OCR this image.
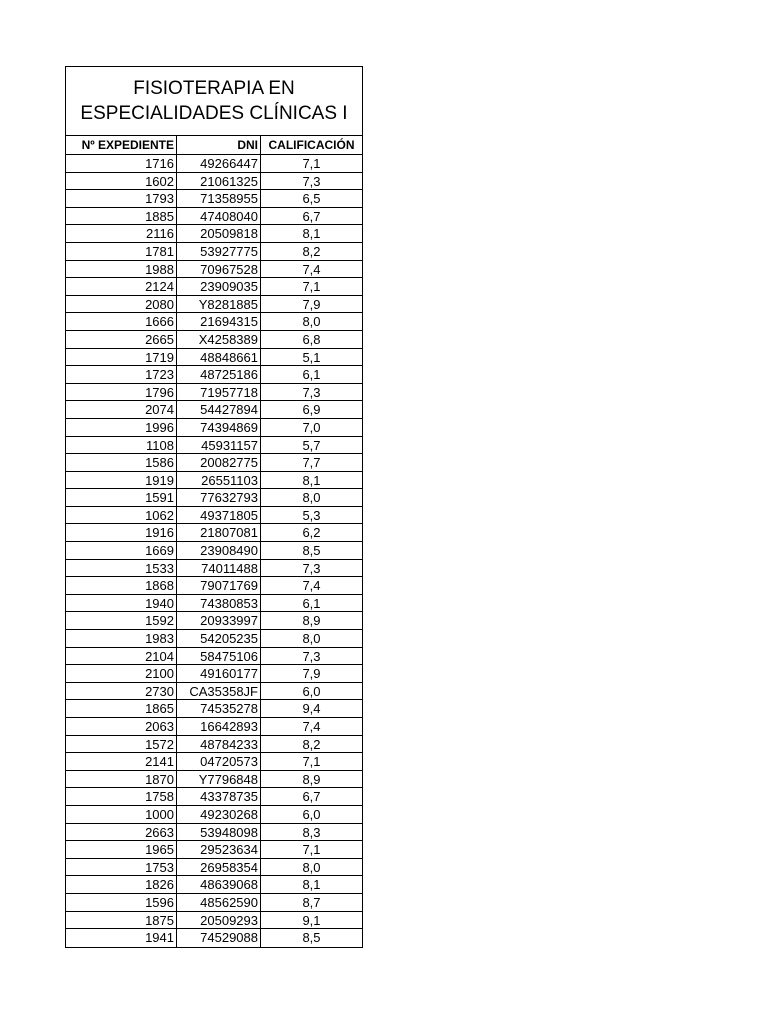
FISIOTERAPIA EN
ESPECIALIDADES CLÍNICAS I
Nº EXPEDIENTE	DNI CALIFICACIÓN
1716	49266447	7,1
1602	21061325	7,3
1793	71358955	6,5
1885	47408040	6,7
2116	20509818	8,1
1781	53927775	8,2
1988	70967528	7,4
2124	23909035	7,1
2080	Y8281885	7,9
1666	21694315	8,0
2665	X4258389	6,8
1719	48848661	5,1
1723	48725186	6,1
1796	71957718	7,3
2074	54427894	6,9
1996	74394869	7,0
1108	45931157	5,7
1586	20082775	7,7
1919	26551103	8,1
1591	77632793	8,0
1062	49371805	5,3
1916	21807081	6,2
1669	23908490	8,5
1533	74011488	7,3
1868	79071769	7,4
1940	74380853	6,1
1592	20933997	8,9
1983	54205235	8,0
2104	58475106	7,3
2100	49160177	7,9
2730	CA35358JF	6,0
1865	74535278	9,4
2063	16642893	7,4
1572	48784233	8,2
2141	04720573	7,1
1870	Y7796848	8,9
1758	43378735	6,7
1000	49230268	6,0
2663	53948098	8,3
1965	29523634	7,1
1753	26958354	8,0
1826	48639068	8,1
1596	48562590	8,7
1875	20509293	9,1
1941	74529088	8,5
